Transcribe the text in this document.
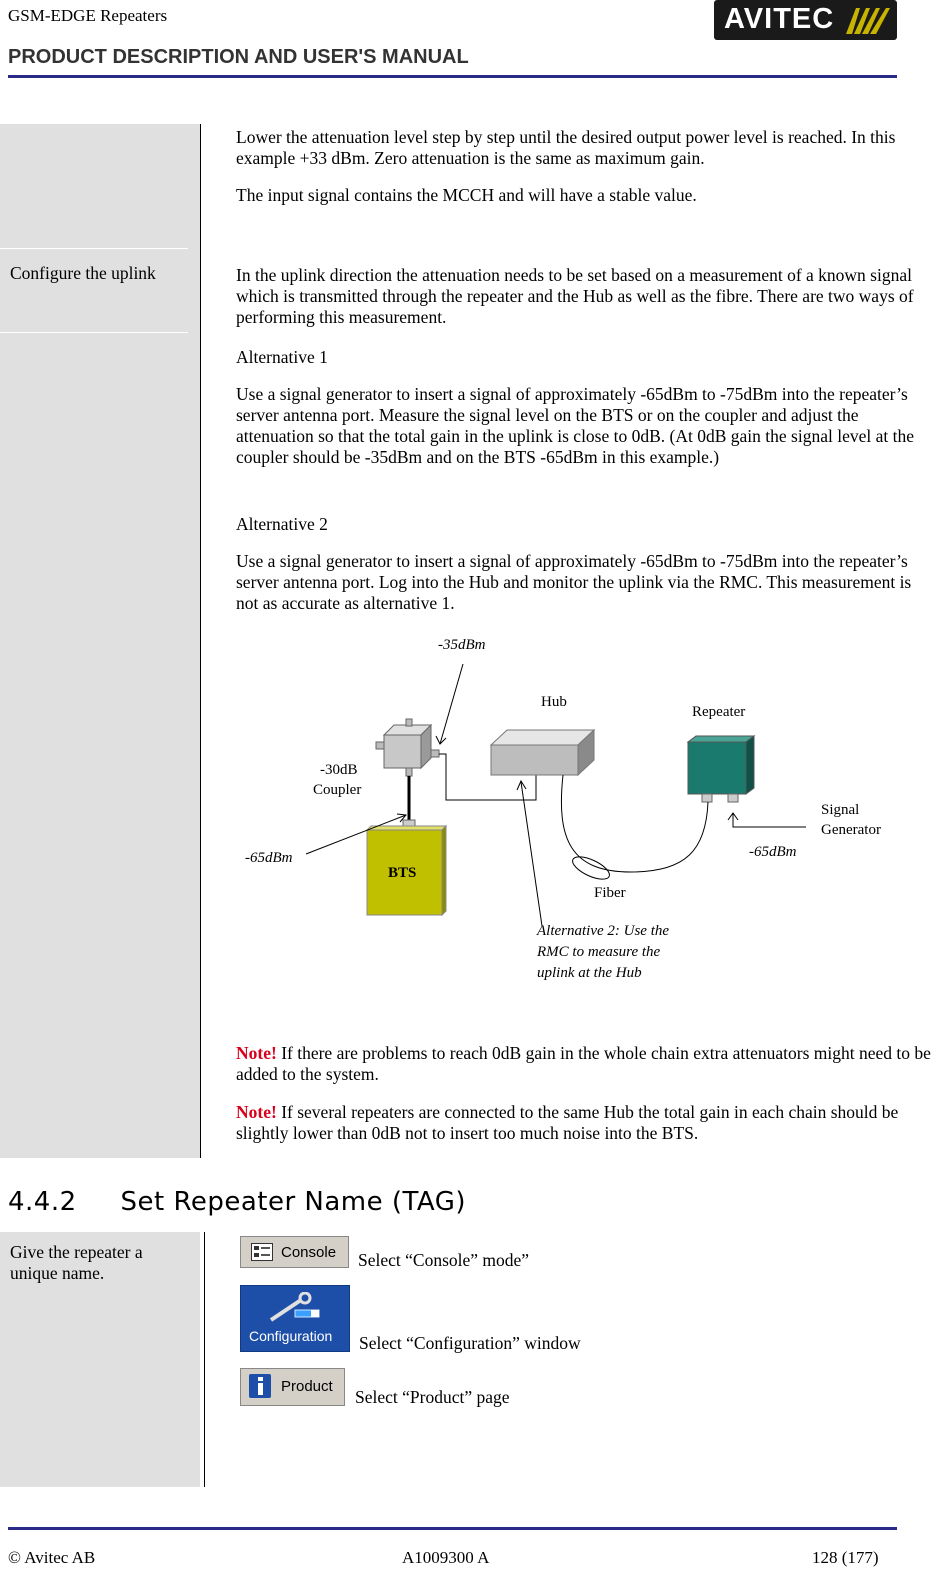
GSM-EDGE Repeaters
PRODUCT DESCRIPTION AND USER'S MANUAL
AVITEC
Configure the uplink
Lower the attenuation level step by step until the desired output power level is reached. In this example +33 dBm. Zero attenuation is the same as maximum gain.
The input signal contains the MCCH and will have a stable value.
In the uplink direction the attenuation needs to be set based on a measurement of a known signal which is transmitted through the repeater and the Hub as well as the fibre. There are two ways of performing this measurement.
Alternative 1
Use a signal generator to insert a signal of approximately -65dBm to -75dBm into the repeater’s server antenna port. Measure the signal level on the BTS or on the coupler and adjust the attenuation so that the total gain in the uplink is close to 0dB. (At 0dB gain the signal level at the coupler should be -35dBm and on the BTS -65dBm in this example.)
Alternative 2
Use a signal generator to insert a signal of approximately -65dBm to -75dBm into the repeater’s server antenna port. Log into the Hub and monitor the uplink via the RMC. This measurement is not as accurate as alternative 1.
-35dBm
Hub
Repeater
-30dB
Coupler
Signal
Generator
-65dBm
BTS
-65dBm
Fiber
Alternative 2: Use the
RMC to measure the
uplink at the Hub
Note! If there are problems to reach 0dB gain in the whole chain extra attenuators might need to be added to the system.
Note! If several repeaters are connected to the same Hub the total gain in each chain should be slightly lower than 0dB not to insert too much noise into the BTS.
4.4.2     Set Repeater Name (TAG)
Give the repeater a unique name.
Console Select “Console” mode”
Configuration Select “Configuration” window
Product
Select “Product” page
© Avitec AB	A1009300 A	128 (177)
